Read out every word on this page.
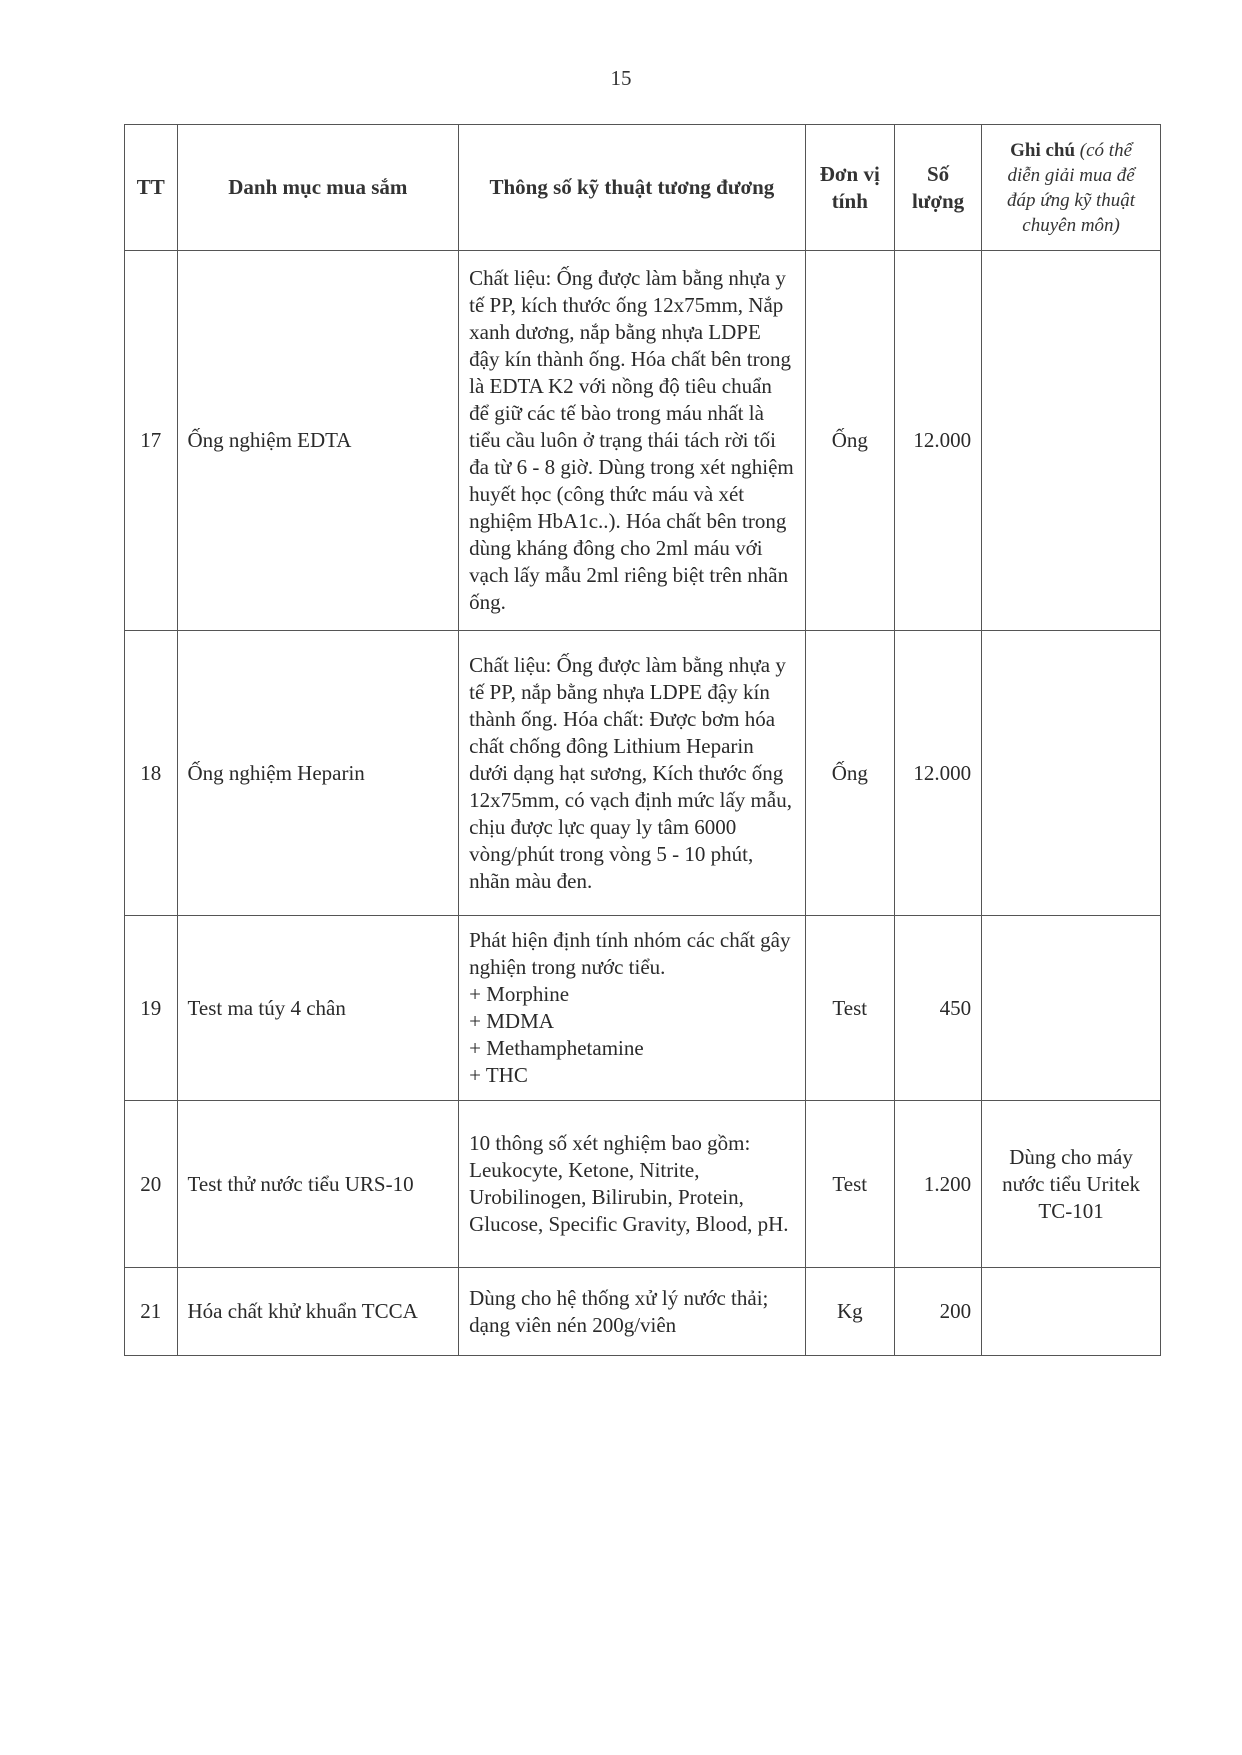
15
TT	Danh mục mua sắm	Thông số kỹ thuật tương đương	Đơn vị tính	Số lượng	Ghi chú (có thể diễn giải mua để đáp ứng kỹ thuật chuyên môn)
17	Ống nghiệm EDTA	Chất liệu: Ống được làm bằng nhựa y tế PP, kích thước ống 12x75mm, Nắp xanh dương, nắp bằng nhựa LDPE đậy kín thành ống. Hóa chất bên trong là EDTA K2 với nồng độ tiêu chuẩn để giữ các tế bào trong máu nhất là tiểu cầu luôn ở trạng thái tách rời tối đa từ 6 - 8 giờ. Dùng trong xét nghiệm huyết học (công thức máu và xét nghiệm HbA1c..). Hóa chất bên trong dùng kháng đông cho 2ml máu với vạch lấy mẫu 2ml riêng biệt trên nhãn ống.	Ống	12.000	
18	Ống nghiệm Heparin	Chất liệu: Ống được làm bằng nhựa y tế PP, nắp bằng nhựa LDPE đậy kín thành ống. Hóa chất: Được bơm hóa chất chống đông Lithium Heparin dưới dạng hạt sương, Kích thước ống 12x75mm, có vạch định mức lấy mẫu, chịu được lực quay ly tâm 6000 vòng/phút trong vòng 5 - 10 phút, nhãn màu đen.	Ống	12.000	
19	Test ma túy 4 chân	Phát hiện định tính nhóm các chất gây nghiện trong nước tiểu.
+ Morphine
+ MDMA
+ Methamphetamine
+ THC	Test	450	
20	Test thử nước tiểu URS-10	10 thông số xét nghiệm bao gồm: Leukocyte, Ketone, Nitrite, Urobilinogen, Bilirubin, Protein, Glucose, Specific Gravity, Blood, pH.	Test	1.200	Dùng cho máy nước tiểu Uritek TC-101
21	Hóa chất khử khuẩn TCCA	Dùng cho hệ thống xử lý nước thải; dạng viên nén 200g/viên	Kg	200	
